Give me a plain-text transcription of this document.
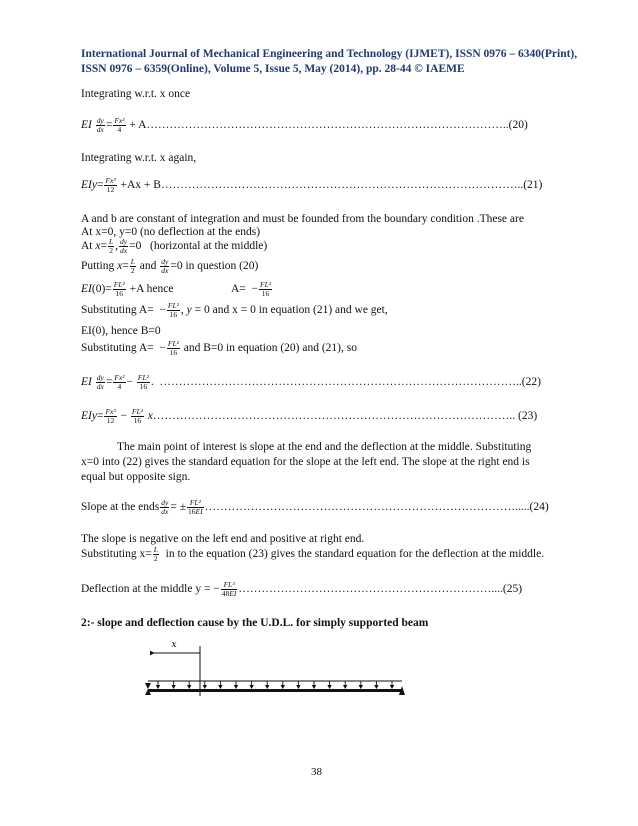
International Journal of Mechanical Engineering and Technology (IJMET), ISSN 0976 – 6340(Print),
ISSN 0976 – 6359(Online), Volume 5, Issue 5, May (2014), pp. 28-44 © IAEME
Integrating w.r.t. x once
EI $\frac{dy}{dx} = \frac{\text{Fx²}}{4}$ + A…………………………………………………………………………………..(20)
Integrating w.r.t. x again,
$EIy= \frac{\text{Fx³}}{12} +Ax$ + B…………………………………………………………………………………..(21)
A and b are constant of integration and must be founded from the boundary condition .These are
At x=0, y=0 (no deflection at the ends)
At $x= \frac{L}{2}$ , $\frac{dy}{dx} =0$   (horizontal at the middle)
Putting $x= \frac{L}{2}$ and $\frac{dy}{dx} =0$ in question (20)
$EI(0)= \frac{\text{FL²}}{16} +A$ hence	$A= - \frac{\text{FL²}}{16}$
Substituting $A= - \frac{\text{FL²}}{16}$ , y = 0 and x = 0 in equation (21) and we get,
EI(0), hence B=0
Substituting $A= - \frac{\text{FL²}}{16}$ and B=0 in equation (20) and (21), so
EI $\frac{dy}{dx} = \frac{\text{Fx²}}{4} - \frac{\text{FL²}}{16}$ .  …………………………………………………………………………………..(22)
$EIy= \frac{\text{Fx³}}{12} - \frac{\text{FL²}}{16}$ x………………………………………………………………………………….. (23)
The main point of interest is slope at the end and the deflection at the middle. Substituting
x=0 into (22) gives the standard equation for the slope at the left end. The slope at the right end is
equal but opposite sign.
Slope at the ends $\frac{dy}{dx}$ = ± $\frac{\text{FL²}}{16EI}$ ……………………………………………………………………….....(24)
The slope is negative on the left end and positive at right end.
Substituting $x= \frac{L}{2}$ in to the equation (23) gives the standard equation for the deflection at the middle.
Deflection at the middle y = − $\frac{\text{FL³}}{48EI}$ …………………………………………………………....(25)
2:- slope and deflection cause by the U.D.L. for simply supported beam
x
38
